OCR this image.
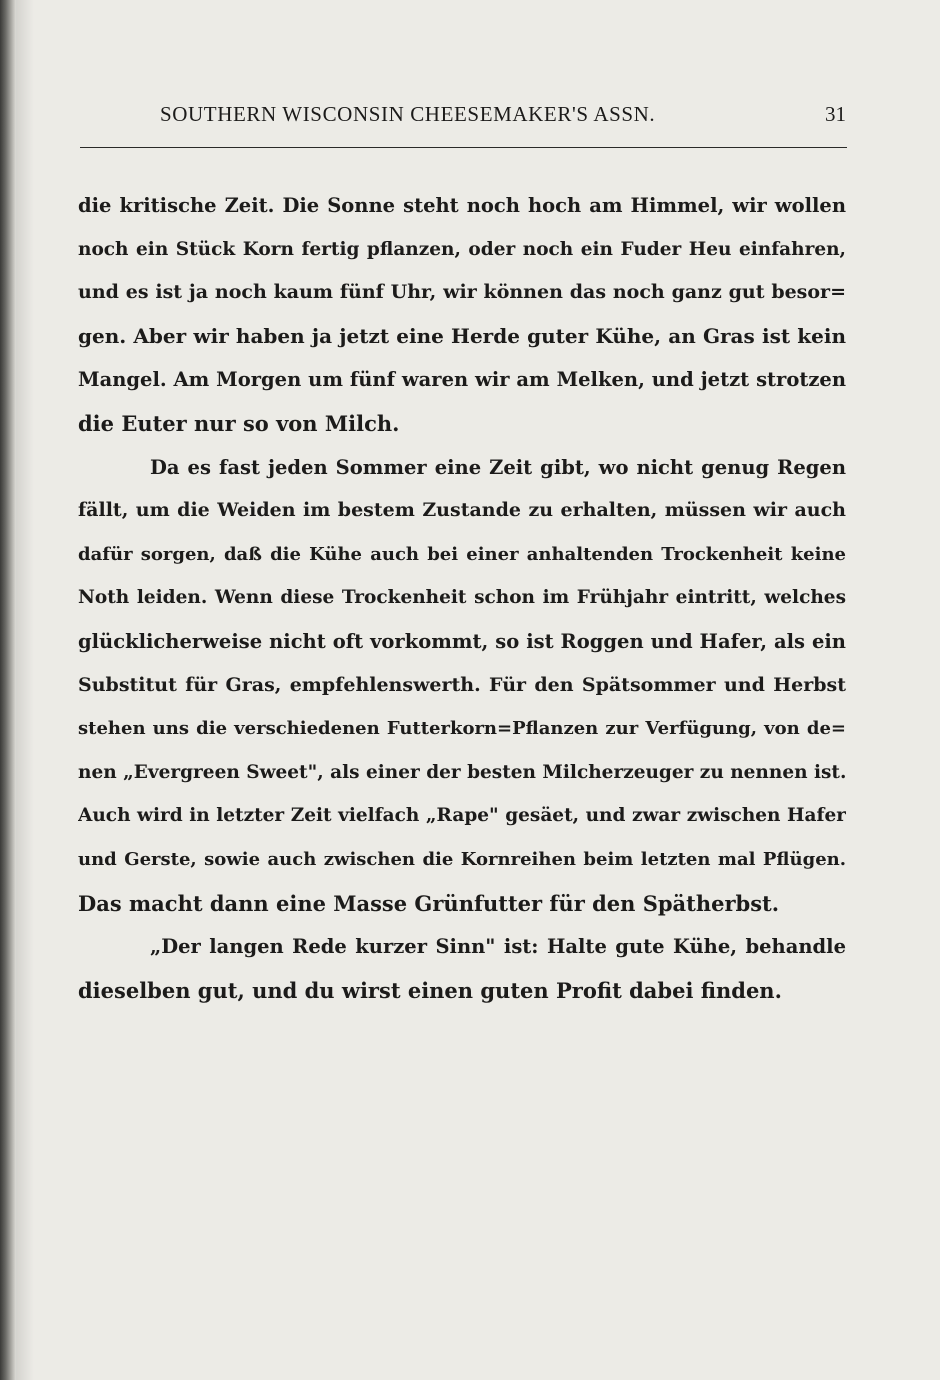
SOUTHERN WISCONSIN CHEESEMAKER'S ASSN.	31
die kritische Zeit. Die Sonne steht noch hoch am Himmel, wir wollen
noch ein Stück Korn fertig pflanzen, oder noch ein Fuder Heu einfahren,
und es ist ja noch kaum fünf Uhr, wir können das noch ganz gut besor=
gen. Aber wir haben ja jetzt eine Herde guter Kühe, an Gras ist kein
Mangel. Am Morgen um fünf waren wir am Melken, und jetzt strotzen
die Euter nur so von Milch.
Da es fast jeden Sommer eine Zeit gibt, wo nicht genug Regen
fällt, um die Weiden im bestem Zustande zu erhalten, müssen wir auch
dafür sorgen, daß die Kühe auch bei einer anhaltenden Trockenheit keine
Noth leiden. Wenn diese Trockenheit schon im Frühjahr eintritt, welches
glücklicherweise nicht oft vorkommt, so ist Roggen und Hafer, als ein
Substitut für Gras, empfehlenswerth. Für den Spätsommer und Herbst
stehen uns die verschiedenen Futterkorn=Pflanzen zur Verfügung, von de=
nen „Evergreen Sweet", als einer der besten Milcherzeuger zu nennen ist.
Auch wird in letzter Zeit vielfach „Rape" gesäet, und zwar zwischen Hafer
und Gerste, sowie auch zwischen die Kornreihen beim letzten mal Pflügen.
Das macht dann eine Masse Grünfutter für den Spätherbst.
„Der langen Rede kurzer Sinn" ist: Halte gute Kühe, behandle
dieselben gut, und du wirst einen guten Profit dabei finden.
